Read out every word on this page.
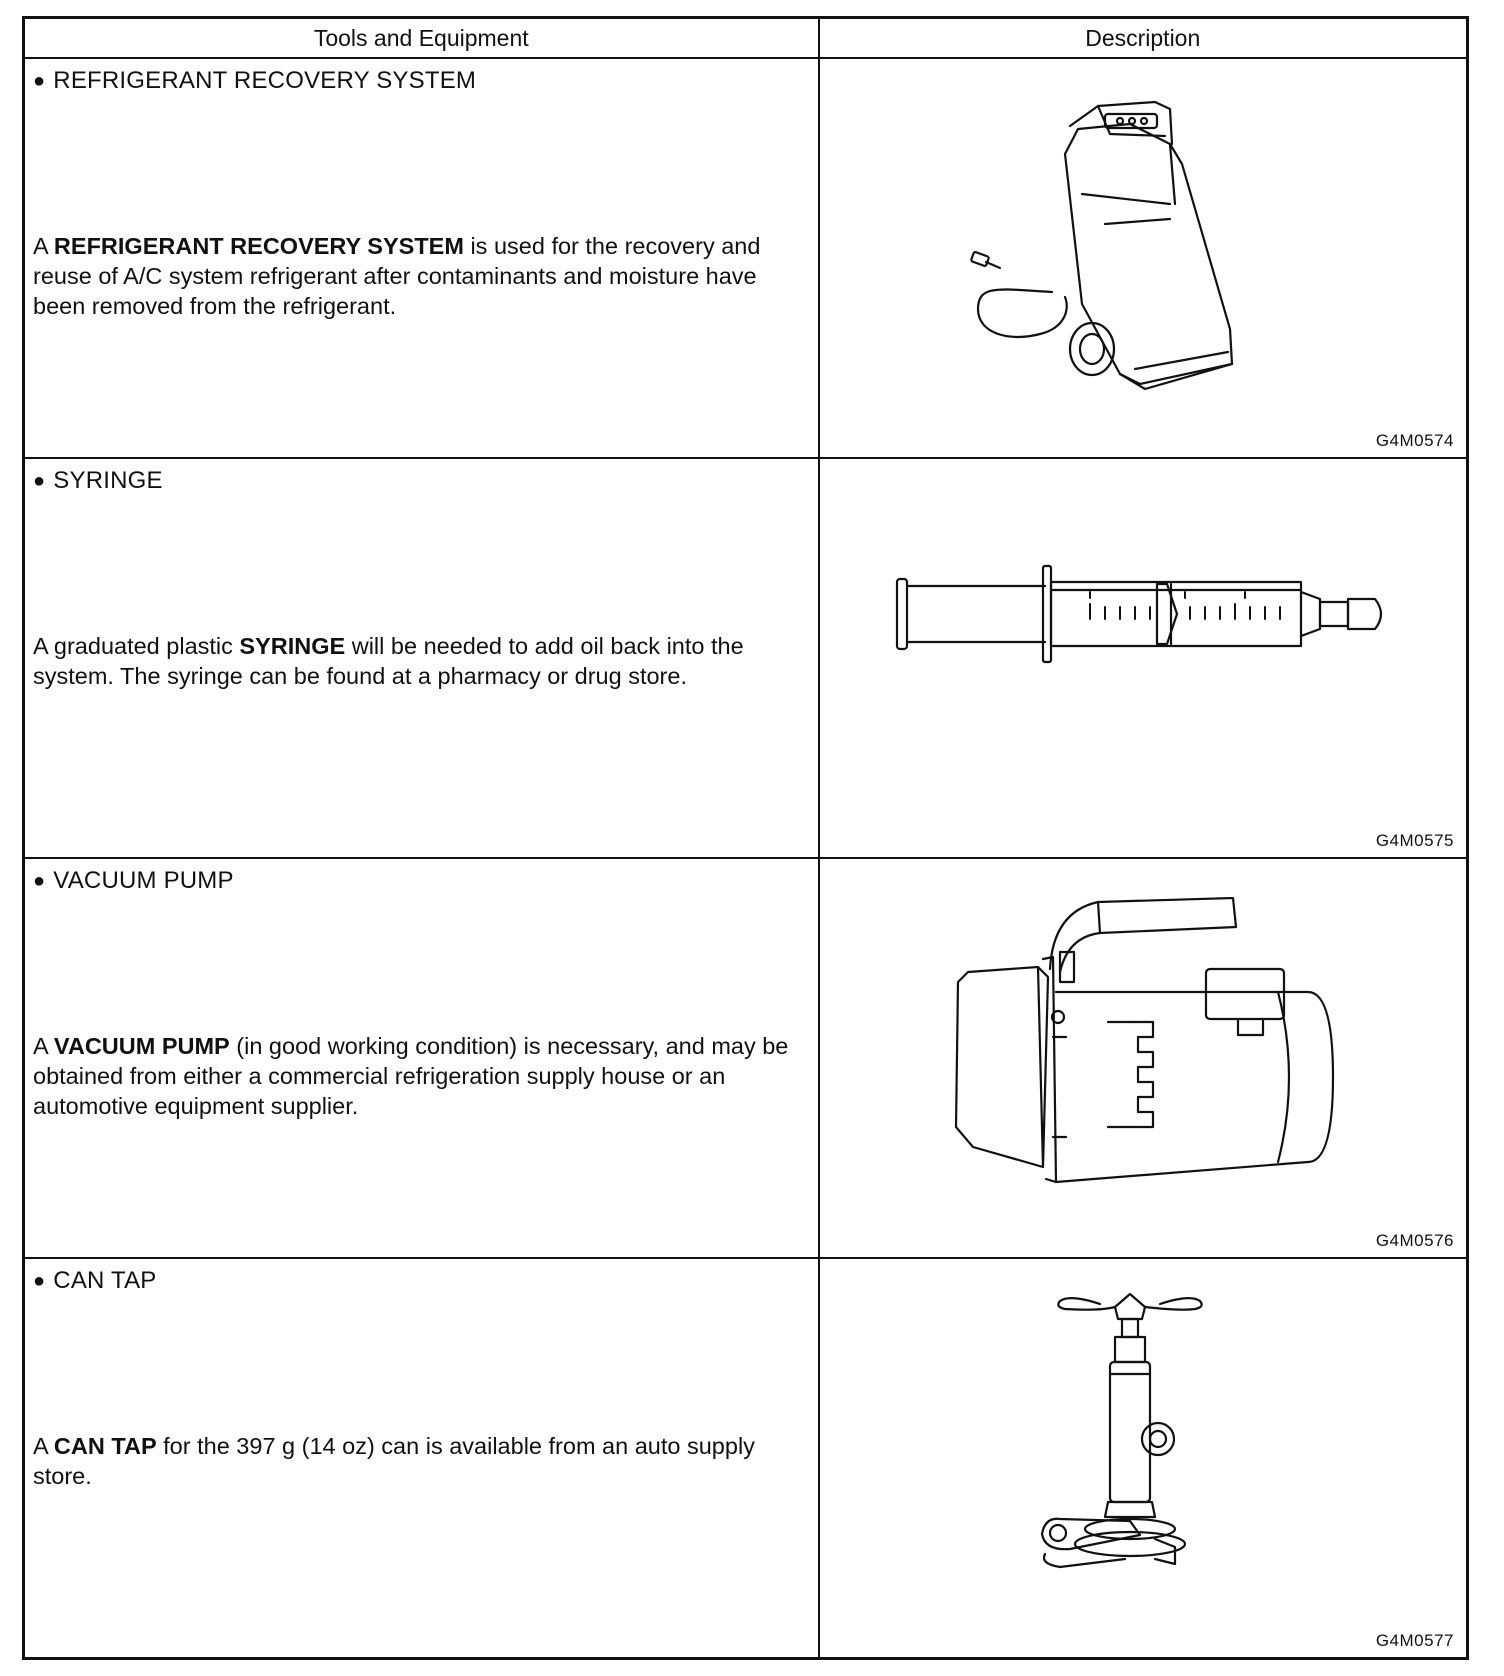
Tools and Equipment	Description

● REFRIGERANT RECOVERY SYSTEM
A REFRIGERANT RECOVERY SYSTEM is used for the recovery and reuse of A/C system refrigerant after contaminants and moisture have been removed from the refrigerant.	G4M0574

● SYRINGE
A graduated plastic SYRINGE will be needed to add oil back into the system. The syringe can be found at a pharmacy or drug store.	G4M0575

● VACUUM PUMP
A VACUUM PUMP (in good working condition) is necessary, and may be obtained from either a commercial refrigeration supply house or an automotive equipment supplier.	G4M0576

● CAN TAP
A CAN TAP for the 397 g (14 oz) can is available from an auto supply store.	G4M0577
